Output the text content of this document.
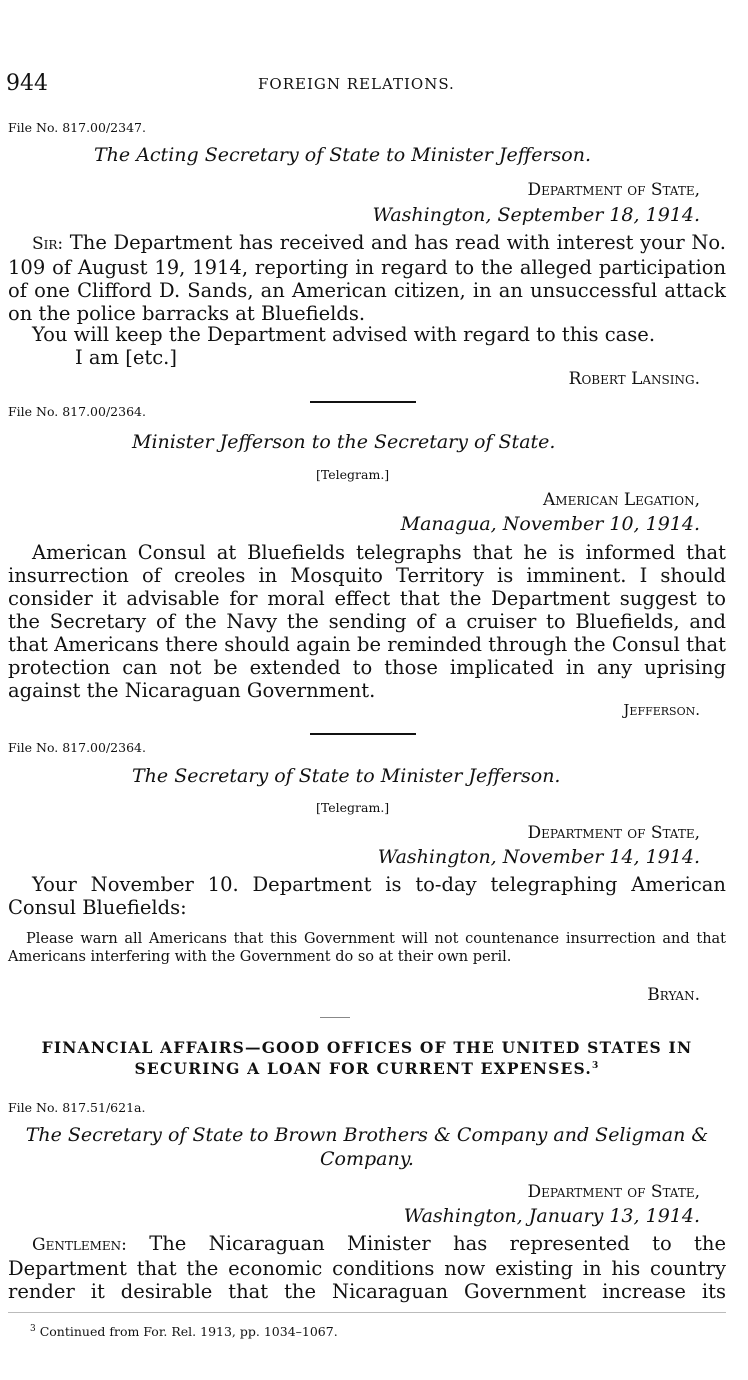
944	FOREIGN RELATIONS.
File No. 817.00/2347.
The Acting Secretary of State to Minister Jefferson.
Department of State,
Washington, September 18, 1914.
Sir: The Department has received and has read with interest your No. 109 of August 19, 1914, reporting in regard to the alleged participation of one Clifford D. Sands, an American citizen, in an unsuccessful attack on the police barracks at Bluefields.
You will keep the Department advised with regard to this case.
I am [etc.]
Robert Lansing.
File No. 817.00/2364.
Minister Jefferson to the Secretary of State.
[Telegram.]
American Legation,
Managua, November 10, 1914.
American Consul at Bluefields telegraphs that he is informed that insurrection of creoles in Mosquito Territory is imminent. I should consider it advisable for moral effect that the Department suggest to the Secretary of the Navy the sending of a cruiser to Bluefields, and that Americans there should again be reminded through the Consul that protection can not be extended to those implicated in any uprising against the Nicaraguan Government.
Jefferson.
File No. 817.00/2364.
The Secretary of State to Minister Jefferson.
[Telegram.]
Department of State,
Washington, November 14, 1914.
Your November 10. Department is to-day telegraphing American Consul Bluefields:
Please warn all Americans that this Government will not countenance insurrection and that Americans interfering with the Government do so at their own peril.
Bryan.
FINANCIAL AFFAIRS—GOOD OFFICES OF THE UNITED STATES IN SECURING A LOAN FOR CURRENT EXPENSES.$^3$
File No. 817.51/621a.
The Secretary of State to Brown Brothers & Company and Seligman & Company.
Department of State,
Washington, January 13, 1914.
Gentlemen: The Nicaraguan Minister has represented to the Department that the economic conditions now existing in his country render it desirable that the Nicaraguan Government increase its
$^3$ Continued from For. Rel. 1913, pp. 1034–1067.
